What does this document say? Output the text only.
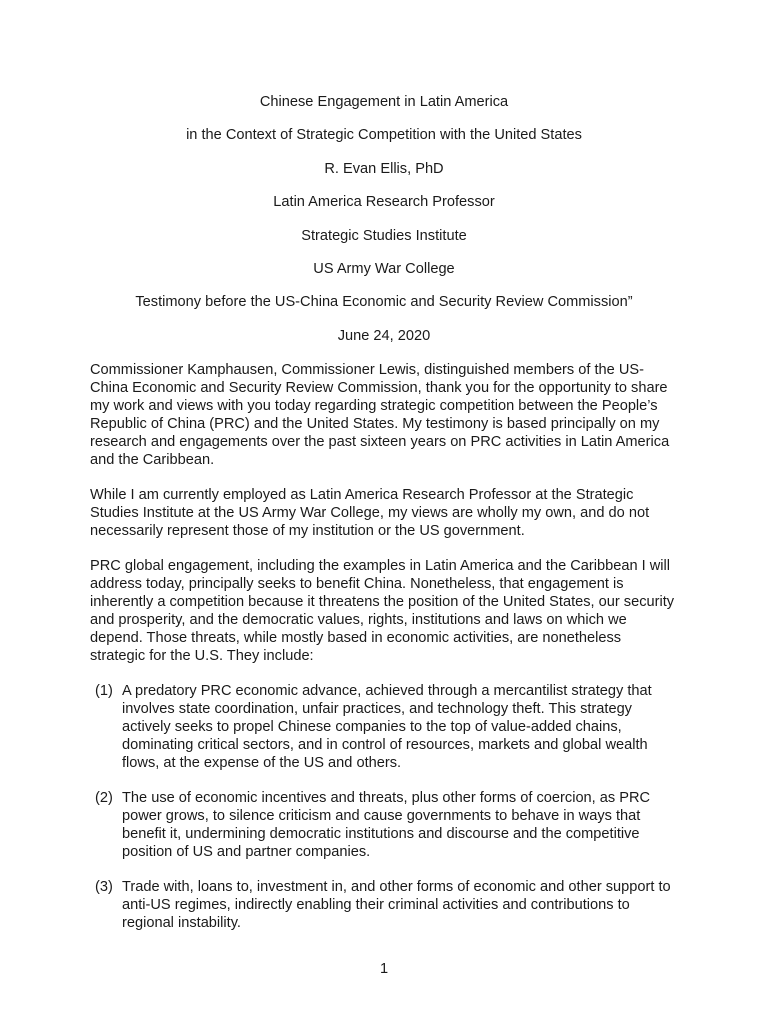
Chinese Engagement in Latin America
in the Context of Strategic Competition with the United States
R. Evan Ellis, PhD
Latin America Research Professor
Strategic Studies Institute
US Army War College
Testimony before the US-China Economic and Security Review Commission”
June 24, 2020

Commissioner Kamphausen, Commissioner Lewis, distinguished members of the US-China Economic and Security Review Commission, thank you for the opportunity to share my work and views with you today regarding strategic competition between the People’s Republic of China (PRC) and the United States. My testimony is based principally on my research and engagements over the past sixteen years on PRC activities in Latin America and the Caribbean.

While I am currently employed as Latin America Research Professor at the Strategic Studies Institute at the US Army War College, my views are wholly my own, and do not necessarily represent those of my institution or the US government.

PRC global engagement, including the examples in Latin America and the Caribbean I will address today, principally seeks to benefit China. Nonetheless, that engagement is inherently a competition because it threatens the position of the United States, our security and prosperity, and the democratic values, rights, institutions and laws on which we depend. Those threats, while mostly based in economic activities, are nonetheless strategic for the U.S. They include:

(1) A predatory PRC economic advance, achieved through a mercantilist strategy that involves state coordination, unfair practices, and technology theft. This strategy actively seeks to propel Chinese companies to the top of value-added chains, dominating critical sectors, and in control of resources, markets and global wealth flows, at the expense of the US and others.
(2) The use of economic incentives and threats, plus other forms of coercion, as PRC power grows, to silence criticism and cause governments to behave in ways that benefit it, undermining democratic institutions and discourse and the competitive position of US and partner companies.
(3) Trade with, loans to, investment in, and other forms of economic and other support to anti-US regimes, indirectly enabling their criminal activities and contributions to regional instability.
1
